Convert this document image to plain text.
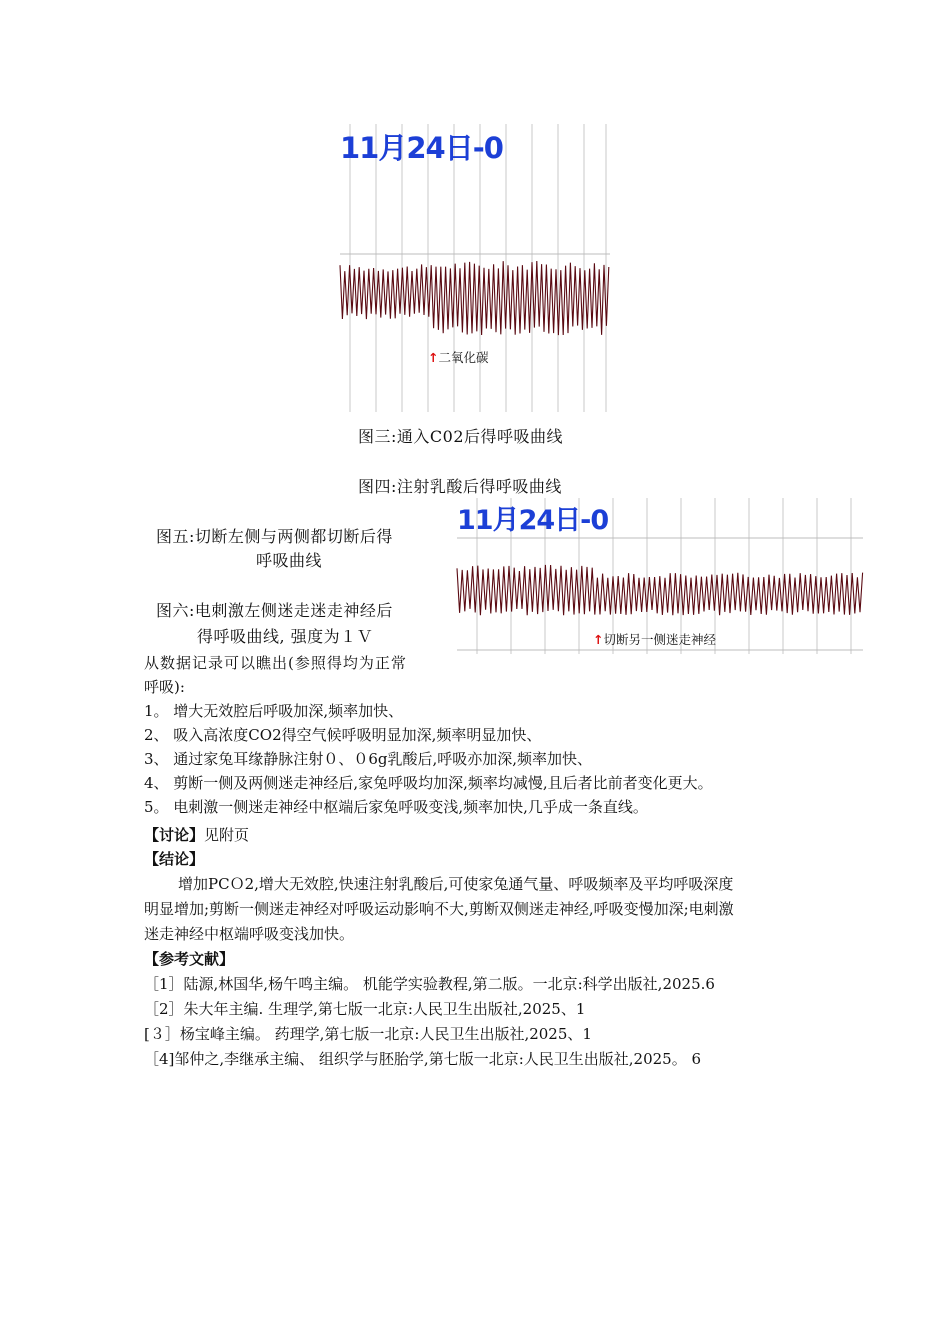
11月24日-0
↑二氧化碳
图三:通入C02后得呼吸曲线
图四:注射乳酸后得呼吸曲线
图五:切断左侧与两侧都切断后得
呼吸曲线
图六:电刺激左侧迷走迷走神经后
得呼吸曲线, 强度为１Ｖ
11月24日-0
↑切断另一侧迷走神经
从数据记录可以瞧出(参照得均为正常
呼吸):
1。 增大无效腔后呼吸加深,频率加快、
2、 吸入高浓度CO2得空气候呼吸明显加深,频率明显加快、
3、 通过家兔耳缘静脉注射０、０6g乳酸后,呼吸亦加深,频率加快、
4、 剪断一侧及两侧迷走神经后,家兔呼吸均加深,频率均减慢,且后者比前者变化更大。
5。 电刺激一侧迷走神经中枢端后家兔呼吸变浅,频率加快,几乎成一条直线。
【讨论】见附页
【结论】
增加PCＯ2,增大无效腔,快速注射乳酸后,可使家兔通气量、呼吸频率及平均呼吸深度
明显增加;剪断一侧迷走神经对呼吸运动影响不大,剪断双侧迷走神经,呼吸变慢加深;电刺激
迷走神经中枢端呼吸变浅加快。
【参考文献】
［1］陆源,林国华,杨午鸣主编。 机能学实验教程,第二版。一北京:科学出版社,2025.6
［2］朱大年主编. 生理学,第七版一北京:人民卫生出版社,2025、1
[３］杨宝峰主编。 药理学,第七版一北京:人民卫生出版社,2025、1
［4]邹仲之,李继承主编、 组织学与胚胎学,第七版一北京:人民卫生出版社,2025。 6
